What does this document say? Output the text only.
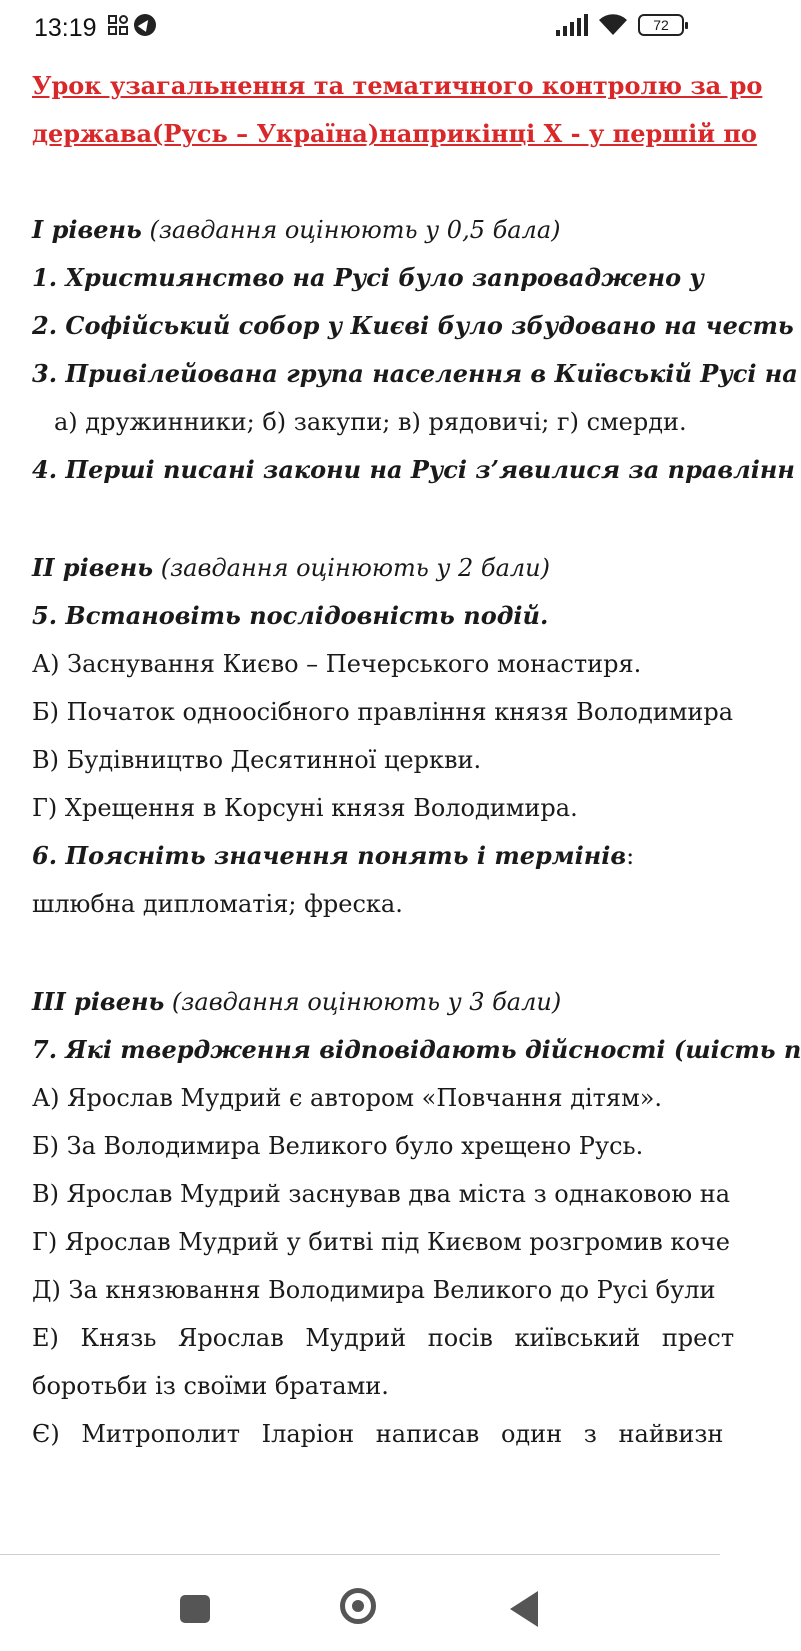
13:19	72
Урок узагальнення та тематичного контролю за ро
держава(Русь – Україна)наприкінці Х - у першій по
І рівень (завдання оцінюють у 0,5 бала)
1. Християнство на Русі було запроваджено у
2. Софійський собор у Києві було збудовано на честь
3. Привілейована група населення в Київській Русі на
а) дружинники; б) закупи; в) рядовичі; г) смерди.
4. Перші писані закони на Русі з’явилися за правлінн
ІІ рівень (завдання оцінюють у 2 бали)
5. Встановіть послідовність подій.
А) Заснування Києво – Печерського монастиря.
Б) Початок одноосібного правління князя Володимира
В) Будівництво Десятинної церкви.
Г) Хрещення в Корсуні князя Володимира.
6. Поясніть значення понять і термінів:
шлюбна дипломатія; фреска.
ІІІ рівень (завдання оцінюють у 3 бали)
7. Які твердження відповідають дійсності (шість п
А) Ярослав Мудрий є автором «Повчання дітям».
Б) За Володимира Великого було хрещено Русь.
В) Ярослав Мудрий заснував два міста з однаковою на
Г) Ярослав Мудрий у битві під Києвом розгромив коче
Д) За князювання Володимира Великого до Русі були
Е) Князь Ярослав Мудрий посів київський прест
боротьби із своїми братами.
Є) Митрополит Іларіон написав один з найвизн
